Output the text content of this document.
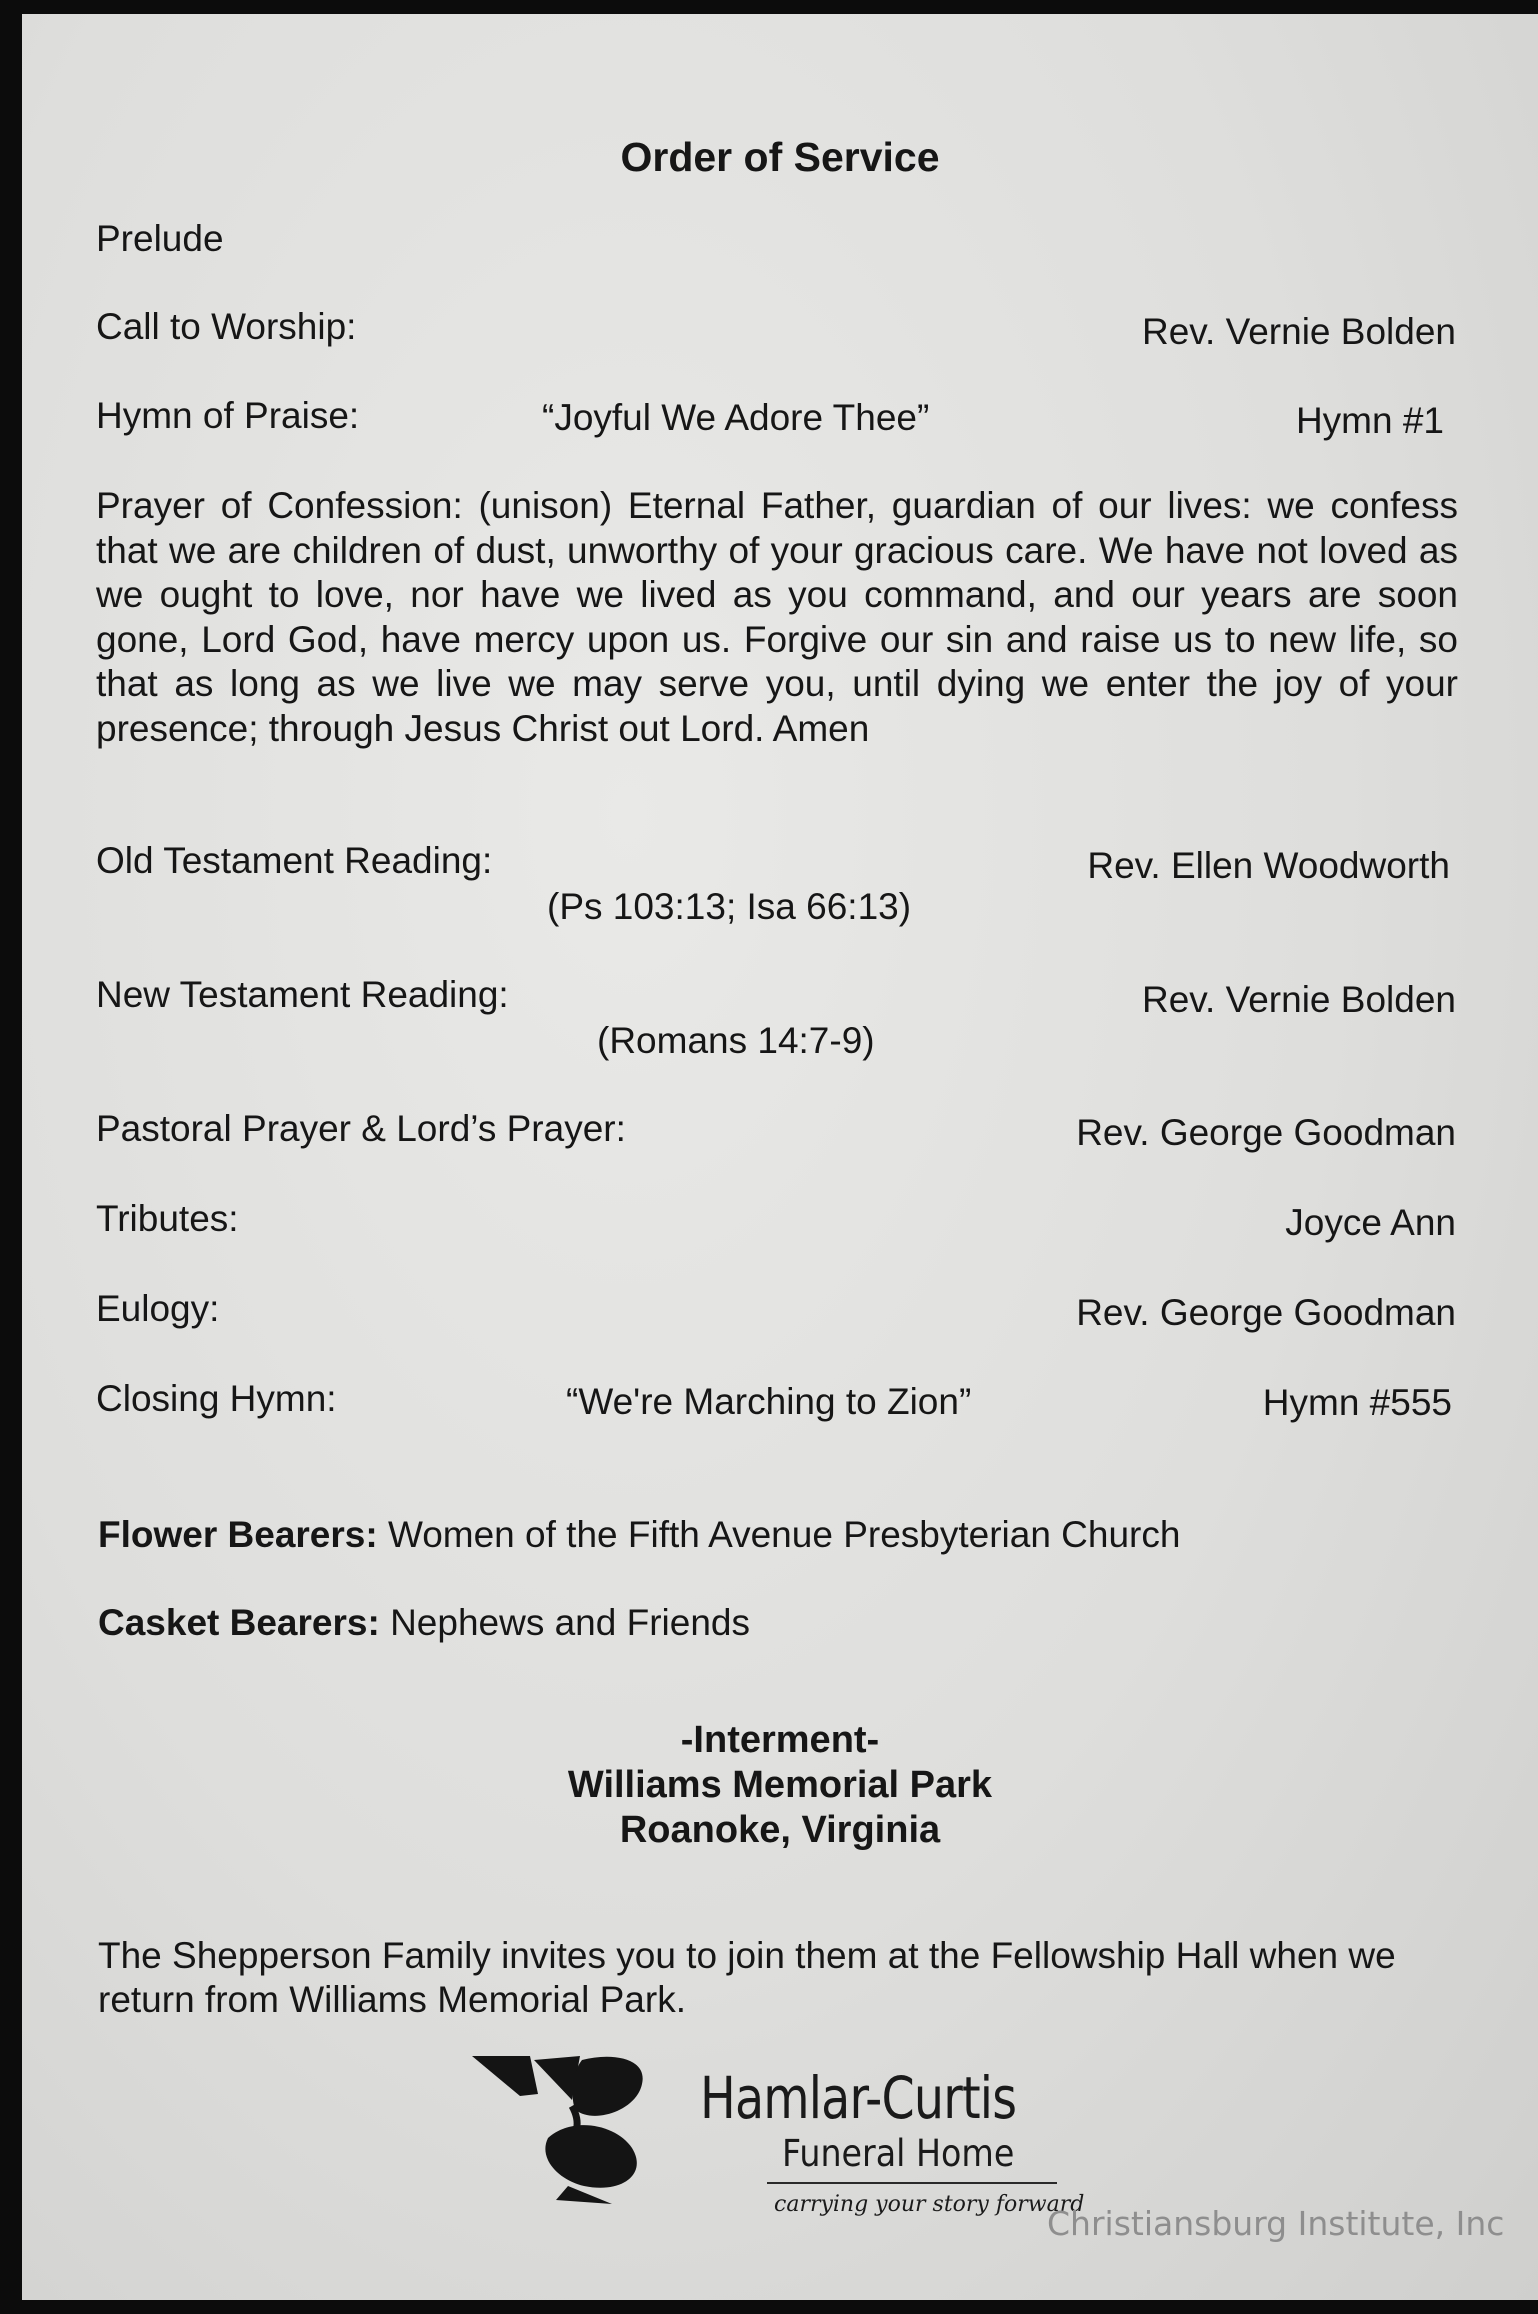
Order of Service
Prelude
Call to Worship:	Rev. Vernie Bolden
Hymn of Praise:	“Joyful We Adore Thee”	Hymn #1
Prayer of Confession: (unison) Eternal Father, guardian of our lives: we confess that we are children of dust, unworthy of your gracious care. We have not loved as we ought to love, nor have we lived as you command, and our years are soon gone, Lord God, have mercy upon us. Forgive our sin and raise us to new life, so that as long as we live we may serve you, until dying we enter the joy of your presence; through Jesus Christ out Lord. Amen
Old Testament Reading:	Rev. Ellen Woodworth
(Ps 103:13; Isa 66:13)
New Testament Reading:	Rev. Vernie Bolden
(Romans 14:7-9)
Pastoral Prayer & Lord’s Prayer:	Rev. George Goodman
Tributes:	Joyce Ann
Eulogy:	Rev. George Goodman
Closing Hymn:	“We're Marching to Zion”	Hymn #555
Flower Bearers: Women of the Fifth Avenue Presbyterian Church
Casket Bearers: Nephews and Friends
-Interment-
Williams Memorial Park
Roanoke, Virginia
The Shepperson Family invites you to join them at the Fellowship Hall when we return from Williams Memorial Park.
Hamlar-Curtis
Funeral Home
carrying your story forward
Christiansburg Institute, Inc
